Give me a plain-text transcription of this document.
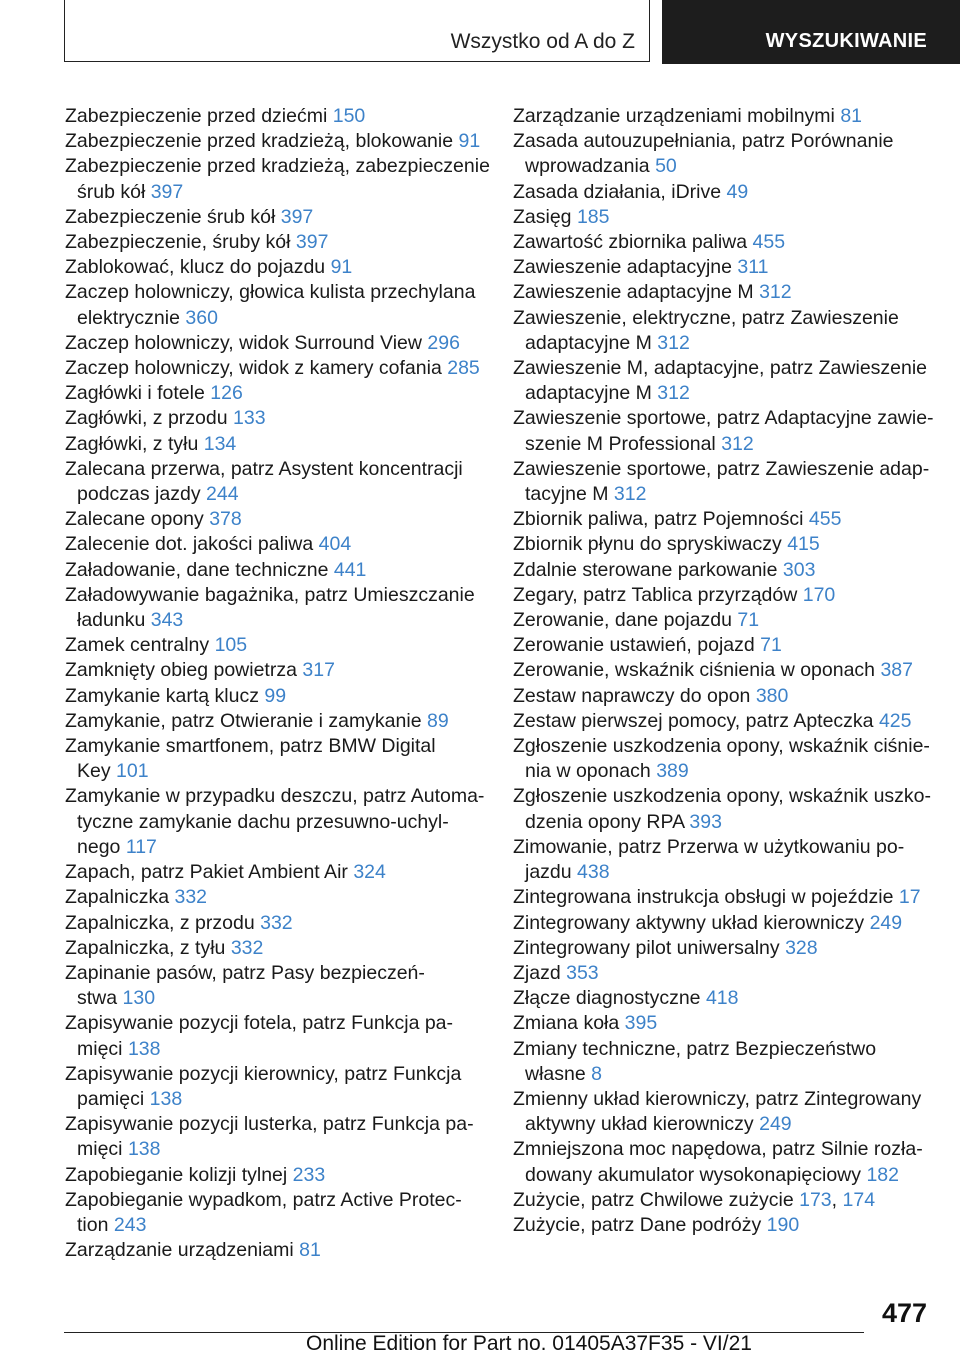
Wszystko od A do Z	WYSZUKIWANIE
Zabezpieczenie przed dziećmi 150
Zabezpieczenie przed kradzieżą, blokowanie 91
Zabezpieczenie przed kradzieżą, zabezpieczenie
śrub kół 397
Zabezpieczenie śrub kół 397
Zabezpieczenie, śruby kół 397
Zablokować, klucz do pojazdu 91
Zaczep holowniczy, głowica kulista przechylana
elektrycznie 360
Zaczep holowniczy, widok Surround View 296
Zaczep holowniczy, widok z kamery cofania 285
Zagłówki i fotele 126
Zagłówki, z przodu 133
Zagłówki, z tyłu 134
Zalecana przerwa, patrz Asystent koncentracji
podczas jazdy 244
Zalecane opony 378
Zalecenie dot. jakości paliwa 404
Załadowanie, dane techniczne 441
Załadowywanie bagażnika, patrz Umieszczanie
ładunku 343
Zamek centralny 105
Zamknięty obieg powietrza 317
Zamykanie kartą klucz 99
Zamykanie, patrz Otwieranie i zamykanie 89
Zamykanie smartfonem, patrz BMW Digital
Key 101
Zamykanie w przypadku deszczu, patrz Automa-
tyczne zamykanie dachu przesuwno-uchyl-
nego 117
Zapach, patrz Pakiet Ambient Air 324
Zapalniczka 332
Zapalniczka, z przodu 332
Zapalniczka, z tyłu 332
Zapinanie pasów, patrz Pasy bezpieczeń-
stwa 130
Zapisywanie pozycji fotela, patrz Funkcja pa-
mięci 138
Zapisywanie pozycji kierownicy, patrz Funkcja
pamięci 138
Zapisywanie pozycji lusterka, patrz Funkcja pa-
mięci 138
Zapobieganie kolizji tylnej 233
Zapobieganie wypadkom, patrz Active Protec-
tion 243
Zarządzanie urządzeniami 81
Zarządzanie urządzeniami mobilnymi 81
Zasada autouzupełniania, patrz Porównanie
wprowadzania 50
Zasada działania, iDrive 49
Zasięg 185
Zawartość zbiornika paliwa 455
Zawieszenie adaptacyjne 311
Zawieszenie adaptacyjne M 312
Zawieszenie, elektryczne, patrz Zawieszenie
adaptacyjne M 312
Zawieszenie M, adaptacyjne, patrz Zawieszenie
adaptacyjne M 312
Zawieszenie sportowe, patrz Adaptacyjne zawie-
szenie M Professional 312
Zawieszenie sportowe, patrz Zawieszenie adap-
tacyjne M 312
Zbiornik paliwa, patrz Pojemności 455
Zbiornik płynu do spryskiwaczy 415
Zdalnie sterowane parkowanie 303
Zegary, patrz Tablica przyrządów 170
Zerowanie, dane pojazdu 71
Zerowanie ustawień, pojazd 71
Zerowanie, wskaźnik ciśnienia w oponach 387
Zestaw naprawczy do opon 380
Zestaw pierwszej pomocy, patrz Apteczka 425
Zgłoszenie uszkodzenia opony, wskaźnik ciśnie-
nia w oponach 389
Zgłoszenie uszkodzenia opony, wskaźnik uszko-
dzenia opony RPA 393
Zimowanie, patrz Przerwa w użytkowaniu po-
jazdu 438
Zintegrowana instrukcja obsługi w pojeździe 17
Zintegrowany aktywny układ kierowniczy 249
Zintegrowany pilot uniwersalny 328
Zjazd 353
Złącze diagnostyczne 418
Zmiana koła 395
Zmiany techniczne, patrz Bezpieczeństwo
własne 8
Zmienny układ kierowniczy, patrz Zintegrowany
aktywny układ kierowniczy 249
Zmniejszona moc napędowa, patrz Silnie rozła-
dowany akumulator wysokonapięciowy 182
Zużycie, patrz Chwilowe zużycie 173, 174
Zużycie, patrz Dane podróży 190
477
Online Edition for Part no. 01405A37F35 - VI/21
